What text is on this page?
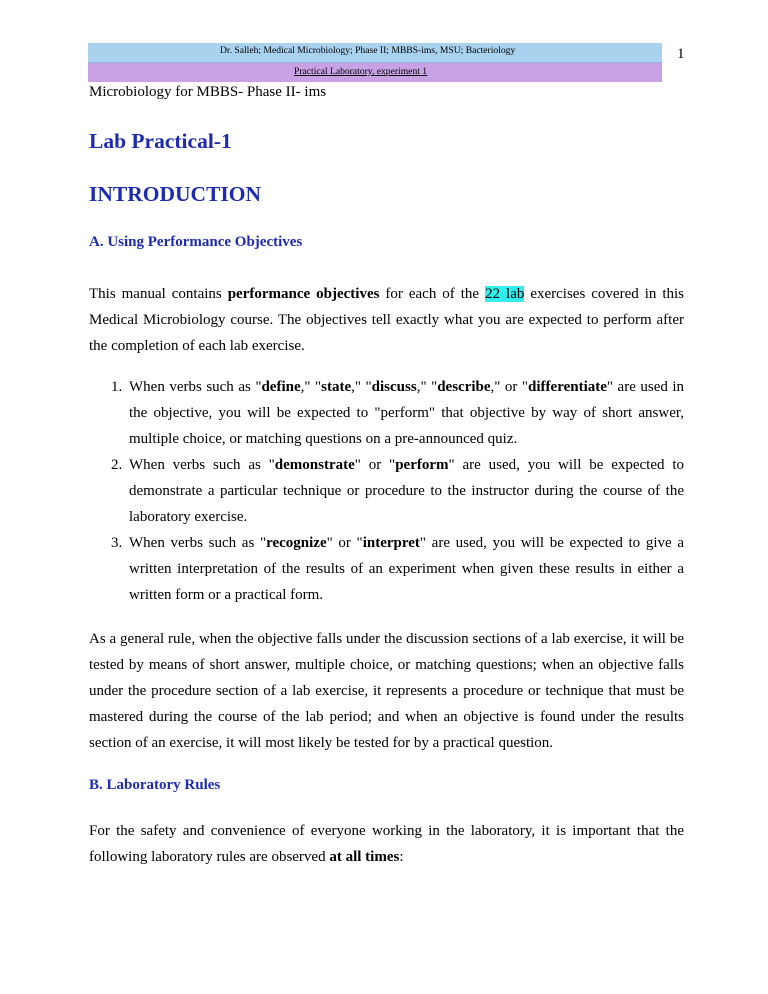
Dr. Salleh; Medical Microbiology; Phase II; MBBS-ims, MSU; Bacteriology
Practical Laboratory, experiment 1
1
Microbiology for MBBS- Phase II- ims
Lab Practical-1
INTRODUCTION
A. Using Performance Objectives

This manual contains performance objectives for each of the 22 lab exercises covered in this Medical Microbiology course. The objectives tell exactly what you are expected to perform after the completion of each lab exercise.

1. When verbs such as "define," "state," "discuss," "describe," or "differentiate" are used in the objective, you will be expected to "perform" that objective by way of short answer, multiple choice, or matching questions on a pre-announced quiz.
2. When verbs such as "demonstrate" or "perform" are used, you will be expected to demonstrate a particular technique or procedure to the instructor during the course of the laboratory exercise.
3. When verbs such as "recognize" or "interpret" are used, you will be expected to give a written interpretation of the results of an experiment when given these results in either a written form or a practical form.

As a general rule, when the objective falls under the discussion sections of a lab exercise, it will be tested by means of short answer, multiple choice, or matching questions; when an objective falls under the procedure section of a lab exercise, it represents a procedure or technique that must be mastered during the course of the lab period; and when an objective is found under the results section of an exercise, it will most likely be tested for by a practical question.

B. Laboratory Rules

For the safety and convenience of everyone working in the laboratory, it is important that the following laboratory rules are observed at all times:
